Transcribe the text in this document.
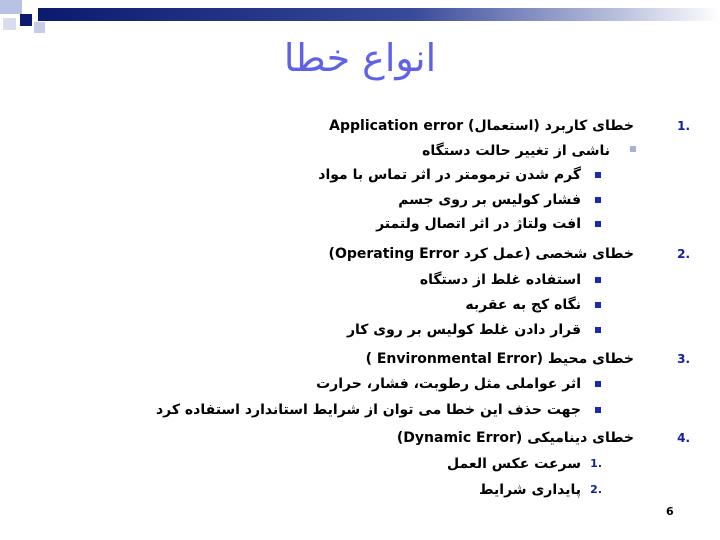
انواع خطا
.1
خطای کاربرد (استعمال) Application error
ناشی از تغییر حالت دستگاه
گرم شدن ترمومتر در اثر تماس با مواد
فشار کولیس بر روی جسم
افت ولتاژ در اثر اتصال ولتمتر
.2
خطای شخصی (عمل کرد Operating Error)
استفاده غلط از دستگاه
نگاه کج به عقربه
قرار دادن غلط کولیس بر روی کار
.3
خطای محیط (Environmental Error )
اثر عواملی مثل رطوبت، فشار، حرارت
جهت حذف این خطا می توان از شرایط استاندارد استفاده کرد
.4
خطای دینامیکی (Dynamic Error)
.1
سرعت عکس العمل
.2
پایداری شرایط
6
